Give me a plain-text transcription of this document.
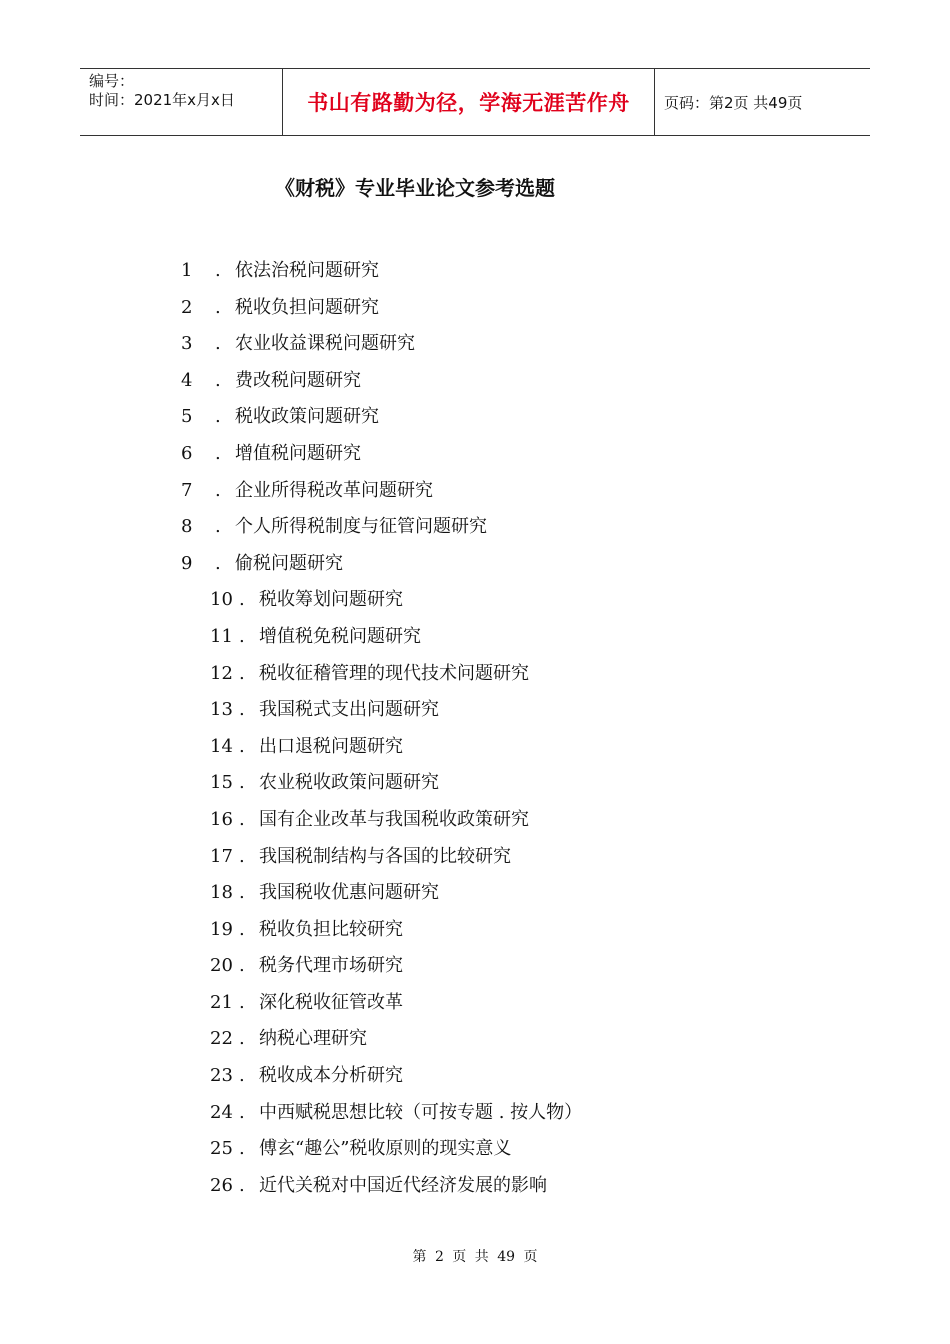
编号：
时间：2021年x月x日	书山有路勤为径，学海无涯苦作舟 页码：第2页 共49页
《财税》专业毕业论文参考选题
1 . 依法治税问题研究
2 . 税收负担问题研究
3 . 农业收益课税问题研究
4 . 费改税问题研究
5 . 税收政策问题研究
6 . 增值税问题研究
7 . 企业所得税改革问题研究
8 . 个人所得税制度与征管问题研究
9 . 偷税问题研究
10 . 税收筹划问题研究
11 . 增值税免税问题研究
12 . 税收征稽管理的现代技术问题研究
13 . 我国税式支出问题研究
14 . 出口退税问题研究
15 . 农业税收政策问题研究
16 . 国有企业改革与我国税收政策研究
17 . 我国税制结构与各国的比较研究
18 . 我国税收优惠问题研究
19 . 税收负担比较研究
20 . 税务代理市场研究
21 . 深化税收征管改革
22 . 纳税心理研究
23 . 税收成本分析研究
24 . 中西赋税思想比较（可按专题 . 按人物）
25 . 傅玄“趣公”税收原则的现实意义
26 . 近代关税对中国近代经济发展的影响
第 2 页 共 49 页
